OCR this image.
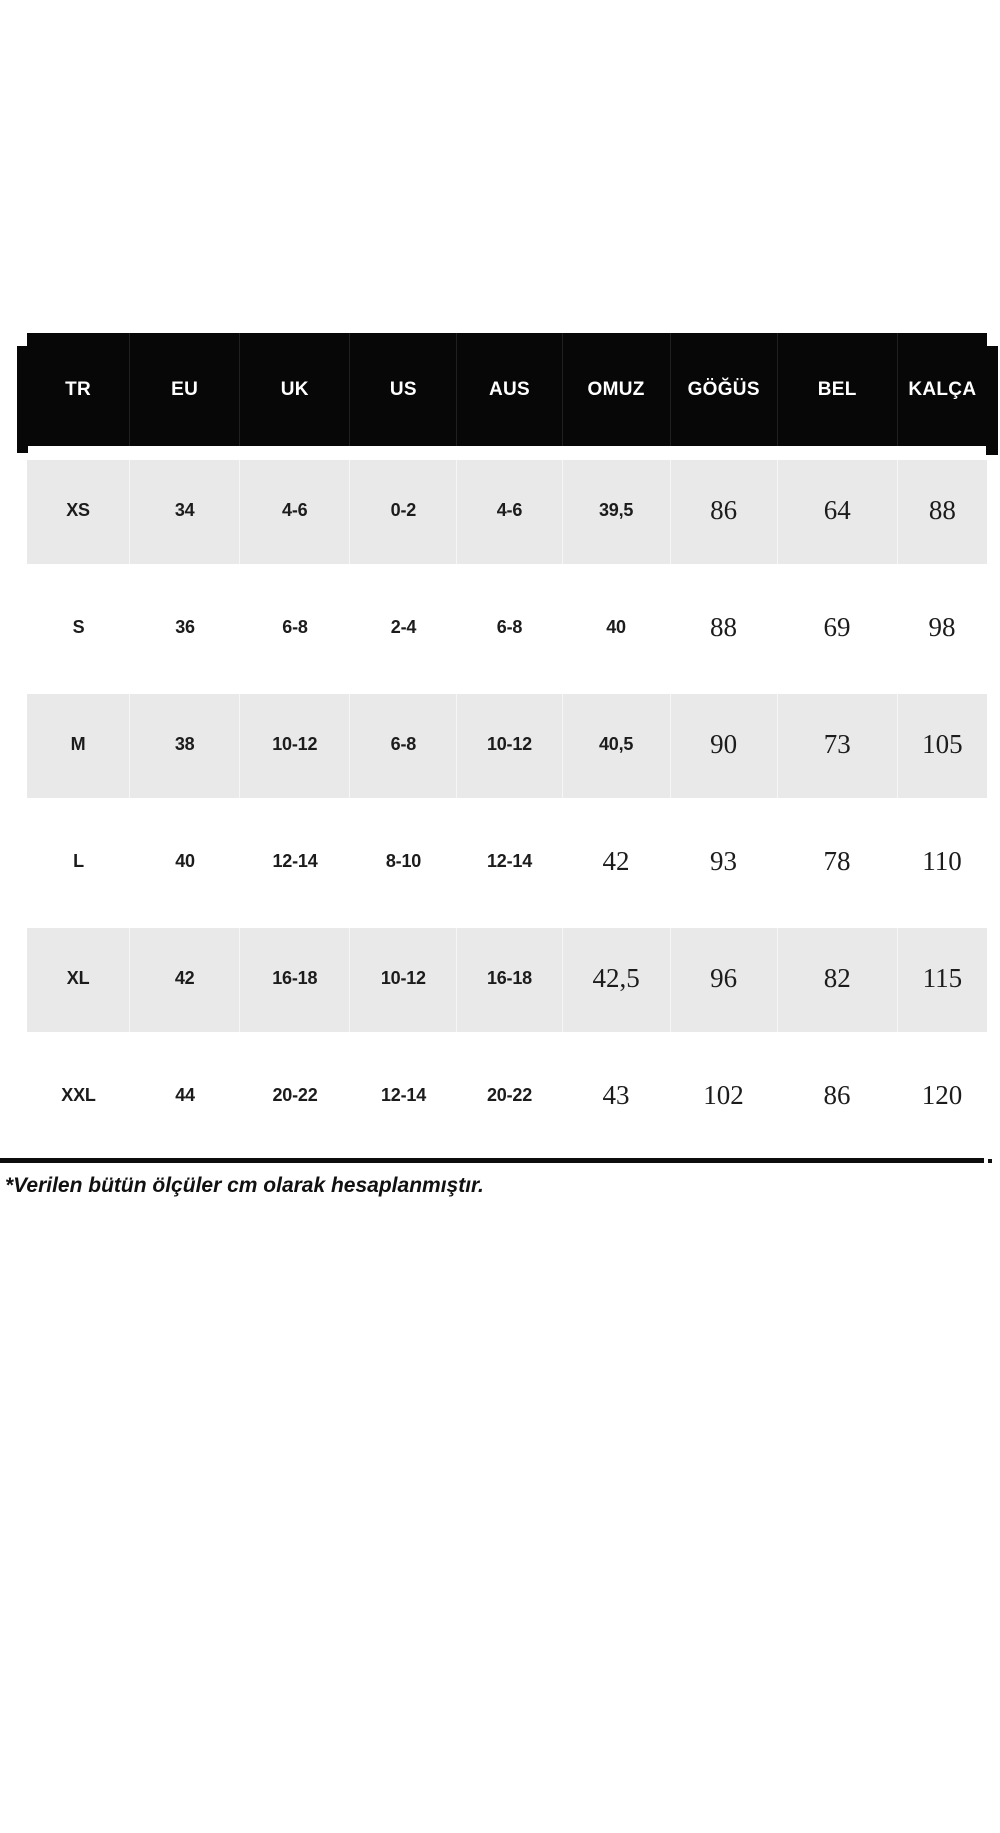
TR	EU	UK	US	AUS	OMUZ	GÖĞÜS	BEL	KALÇA
XS	34	4-6	0-2	4-6	39,5	86	64	88
S	36	6-8	2-4	6-8	40	88	69	98
M	38	10-12	6-8	10-12	40,5	90	73	105
L	40	12-14	8-10	12-14	42	93	78	110
XL	42	16-18	10-12	16-18	42,5	96	82	115
XXL	44	20-22	12-14	20-22	43	102	86	120
*Verilen bütün ölçüler cm olarak hesaplanmıştır.
